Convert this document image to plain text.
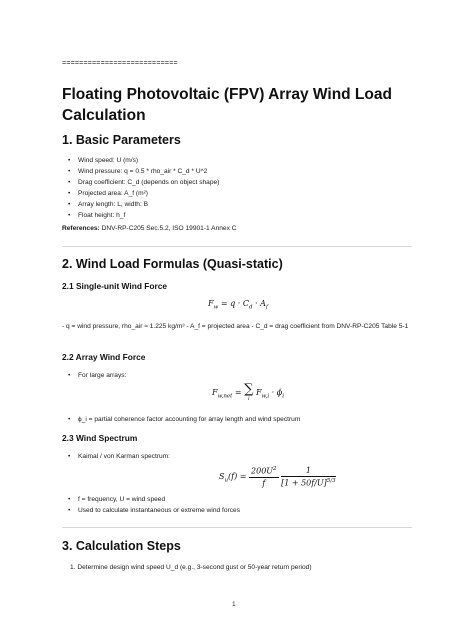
===========================
Floating Photovoltaic (FPV) Array Wind Load Calculation
1. Basic Parameters
• Wind speed: U (m/s)
• Wind pressure: q = 0.5 * rho_air * C_d * U^2
• Drag coefficient: C_d (depends on object shape)
• Projected area: A_f (m²)
• Array length: L, width: B
• Float height: h_f

References: DNV-RP-C205 Sec.5.2, ISO 19901-1 Annex C

2. Wind Load Formulas (Quasi-static)
2.1 Single-unit Wind Force
$F_w = q \cdot C_d \cdot A_f$

- q = wind pressure, rho_air ≈ 1.225 kg/m³ - A_f = projected area - C_d = drag coefficient from DNV-RP-C205 Table 5-1

2.2 Array Wind Force
• For large arrays:
$F_{w,net}$ = ∑
i
$F_{w,i} \cdot \phi_i$
• ϕ_i = partial coherence factor accounting for array length and wind spectrum
2.3 Wind Spectrum
• Kaimal / von Karman spectrum:
$S_u(f) = \frac{200U^2}{f}$
$\frac{1}{[1 + 50f/U]^{5/3}}$
• f = frequency, U = wind speed
• Used to calculate instantaneous or extreme wind forces
3. Calculation Steps
1. Determine design wind speed U_d (e.g., 3-second gust or 50-year return period)
1
